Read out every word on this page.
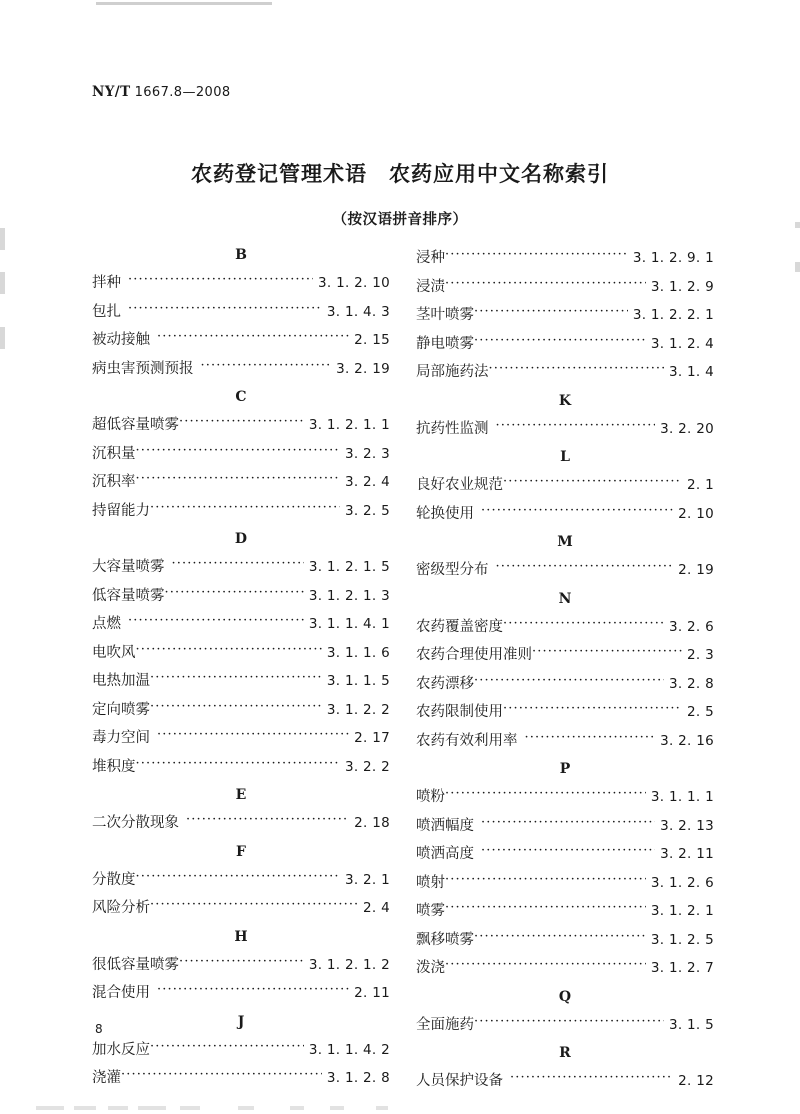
NY/T 1667.8—2008
农药登记管理术语 农药应用中文名称索引
（按汉语拼音排序）
B
拌种 ·····	3. 1. 2. 10
包扎 ·····	3. 1. 4. 3
被动接触 ·····	2. 15
病虫害预测预报 ·····	3. 2. 19
C
超低容量喷雾 ·····	3. 1. 2. 1. 1
沉积量 ·····	3. 2. 3
沉积率 ·····	3. 2. 4
持留能力 ·····	3. 2. 5
D
大容量喷雾 ·····	3. 1. 2. 1. 5
低容量喷雾 ·····	3. 1. 2. 1. 3
点燃 ·····	3. 1. 1. 4. 1
电吹风 ·····	3. 1. 1. 6
电热加温 ·····	3. 1. 1. 5
定向喷雾 ·····	3. 1. 2. 2
毒力空间 ·····	2. 17
堆积度 ·····	3. 2. 2
E
二次分散现象 ·····	2. 18
F
分散度 ·····	3. 2. 1
风险分析 ·····	2. 4
H
很低容量喷雾 ·····	3. 1. 2. 1. 2
混合使用 ·····	2. 11
J
加水反应 ·····	3. 1. 1. 4. 2
浇灌 ·····	3. 1. 2. 8
浸种 ·····	3. 1. 2. 9. 1
浸渍 ·····	3. 1. 2. 9
茎叶喷雾 ·····	3. 1. 2. 2. 1
静电喷雾 ·····	3. 1. 2. 4
局部施药法 ·····	3. 1. 4
K
抗药性监测 ·····	3. 2. 20
L
良好农业规范 ·····	2. 1
轮换使用 ·····	2. 10
M
密级型分布 ·····	2. 19
N
农药覆盖密度 ·····	3. 2. 6
农药合理使用准则 ·····	2. 3
农药漂移 ·····	3. 2. 8
农药限制使用 ·····	2. 5
农药有效利用率 ·····	3. 2. 16
P
喷粉 ·····	3. 1. 1. 1
喷洒幅度 ·····	3. 2. 13
喷洒高度 ·····	3. 2. 11
喷射 ·····	3. 1. 2. 6
喷雾 ·····	3. 1. 2. 1
飘移喷雾 ·····	3. 1. 2. 5
泼浇 ·····	3. 1. 2. 7
Q
全面施药 ·····	3. 1. 5
R
人员保护设备 ·····	2. 12
8
